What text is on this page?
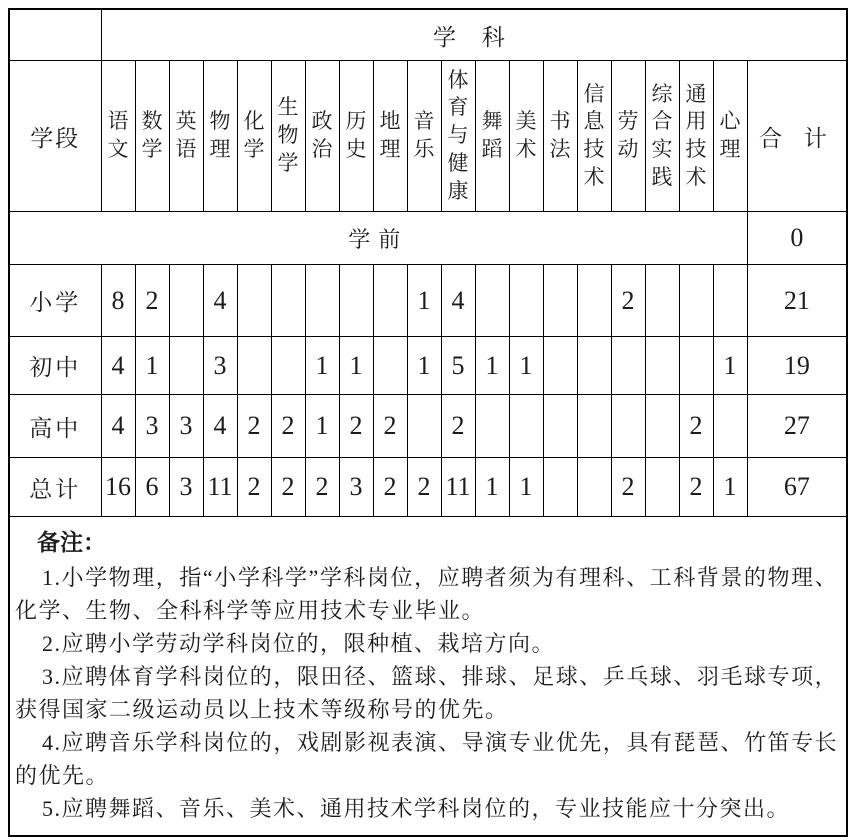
	学 科																			
学段	语文	数学	英语	物理	化学	生物学	政治	历史	地理	音乐	体育与健康	舞蹈	美术	书法	信息技术	劳动	综合实践	通用技术	心理	合 计
学前																				0
小学	8	2		4						1	4					2				21
初中	4	1		3			1	1		1	5	1	1						1	19
高中	4	3	3	4	2	2	1	2	2		2							2		27
总计	16	6	3	11	2	2	2	3	2	2	11	1	1			2		2	1	67

备注：

1.小学物理，指“小学科学”学科岗位，应聘者须为有理科、工科背景的物理、化学、生物、全科科学等应用技术专业毕业。

2.应聘小学劳动学科岗位的，限种植、栽培方向。

3.应聘体育学科岗位的，限田径、篮球、排球、足球、乒乓球、羽毛球专项，获得国家二级运动员以上技术等级称号的优先。

4.应聘音乐学科岗位的，戏剧影视表演、导演专业优先，具有琵琶、竹笛专长的优先。

5.应聘舞蹈、音乐、美术、通用技术学科岗位的，专业技能应十分突出。
